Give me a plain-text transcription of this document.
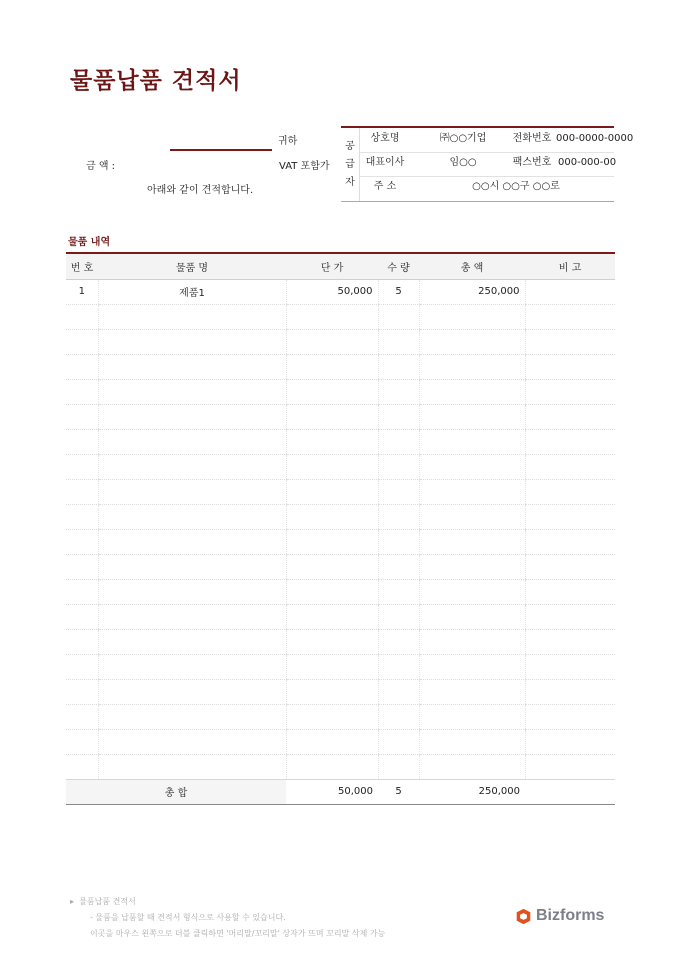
물품납품 견적서
금 액 :
귀하
VAT 포함가
아래와 같이 견적합니다.
공
급
자
상호명	㈜○○기업	전화번호 000-0000-0000
대표이사	임○○	팩스번호 000-000-00
주 소	○○시 ○○구 ○○로
물품 내역
번 호	물품 명	단 가	수 량	총 액	비 고
1	제품1	50,000	5	250,000	

총 합		50,000	5	250,000	
▸ 물품납품 견적서
- 물품을 납품할 때 견적서 형식으로 사용할 수 있습니다.
이곳을 마우스 왼쪽으로 더블 클릭하면 '머리말/꼬리말' 상자가 뜨며 꼬리말 삭제 가능
Bizforms
